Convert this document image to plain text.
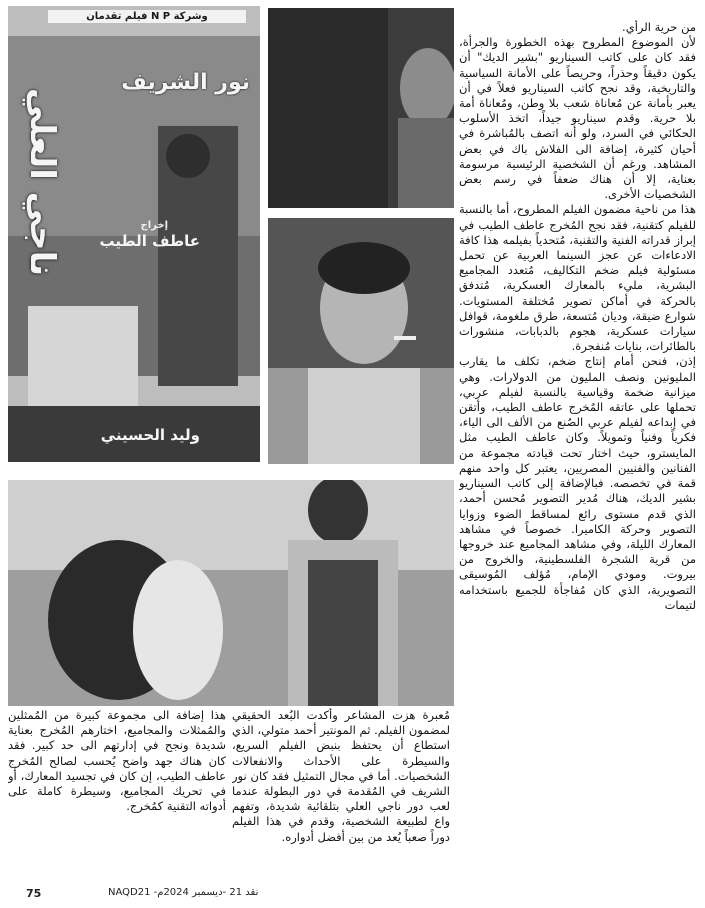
وشركة N P فيلم تقدمان
نور الشريف
ناجي العلي	إخراج
عاطف الطيب
وليد الحسيني

من حرية الرأي.

لأن الموضوع المطروح بهذه الخطورة والجرأة، فقد كان على كاتب السيناريو "بشير الديك" أن يكون دقيقاً وحذراً، وحريصاً على الأمانة السياسية والتاريخية، وقد نجح كاتب السيناريو فعلاً في أن يعبر بأمانة عن مُعاناة شعب بلا وطن، ومُعاناة أمة بلا حرية. وقدم سيناريو جيداً، اتخذ الأسلوب الحكائي في السرد، ولو أنه اتصف بالمُباشرة في أحيان كثيرة، إضافة الى الفلاش باك في بعض المشاهد. ورغم أن الشخصية الرئيسية مرسومة بعناية، إلا أن هناك ضعفاً في رسم بعض الشخصيات الأخرى.

هذا من ناحية مضمون الفيلم المطروح، أما بالنسبة للفيلم كتقنية، فقد نجح المُخرج عاطف الطيب في إبراز قدراته الفنية والتقنية، مُتحدياً بفيلمه هذا كافة الادعاءات عن عجز السينما العربية عن تحمل مسئولية فيلم ضخم التكاليف، مُتعدد المجاميع البشرية، مليء بالمعارك العسكرية، مُتدفق بالحركة في أماكن تصوير مُختلفة المستويات. شوارع ضيقة، وديان مُتسعة، طرق ملغومة، قوافل سيارات عسكرية، هجوم بالدبابات، منشورات بالطائرات، بنايات مُنفجرة.

إذن، فنحن أمام إنتاج ضخم، تكلف ما يقارب المليونين ونصف المليون من الدولارات. وهي ميزانية ضخمة وقياسية بالنسبة لفيلم عربي، تحملها على عاتقه المُخرج عاطف الطيب، وأتقن في إبداعه لفيلم عربي الصُنع من الألف الى الياء، فكرياً وفنياً وتمويلاً. وكان عاطف الطيب مثل المايسترو، حيث اختار تحت قيادته مجموعة من الفنانين والفنيين المصريين، يعتبر كل واحد منهم قمة في تخصصه. فبالإضافة إلى كاتب السيناريو بشير الديك، هناك مُدير التصوير مُحسن أحمد، الذي قدم مستوى رائع لمساقط الضوء وزوايا التصوير وحركة الكاميرا. خصوصاً في مشاهد المعارك الليلة، وفي مشاهد المجاميع عند خروجها من قرية الشجرة الفلسطينية، والخروج من بيروت. ومودي الإمام، مُؤلف المُوسيقى التصويرية، الذي كان مُفاجأة للجميع باستخدامه لتيمات

مُعبرة هزت المشاعر وأكدت البُعد الحقيقي لمضمون الفيلم. ثم المونتير أحمد متولي، الذي استطاع أن يحتفظ بنبض الفيلم السريع، والسيطرة على الأحداث والانفعالات الشخصيات. أما في مجال التمثيل فقد كان نور الشريف في المُقدمة في دور البطولة عندما لعب دور ناجي العلي بتلقائية شديدة، وتفهم واع لطبيعة الشخصية، وقدم في هذا الفيلم دوراً صعباً يُعد من بين أفضل أدواره.

هذا إضافة الى مجموعة كبيرة من المُمثلين والمُمثلات والمجاميع، اختارهم المُخرج بعناية شديدة ونجح في إدارتهم الى حد كبير. فقد كان هناك جهد واضح يُحسب لصالح المُخرج عاطف الطيب، إن كان في تجسيد المعارك، أو في تحريك المجاميع، وسيطرة كاملة على أدواته التقنية كمُخرج.

75	نقد 21 -ديسمبر 2024م- NAQD21
